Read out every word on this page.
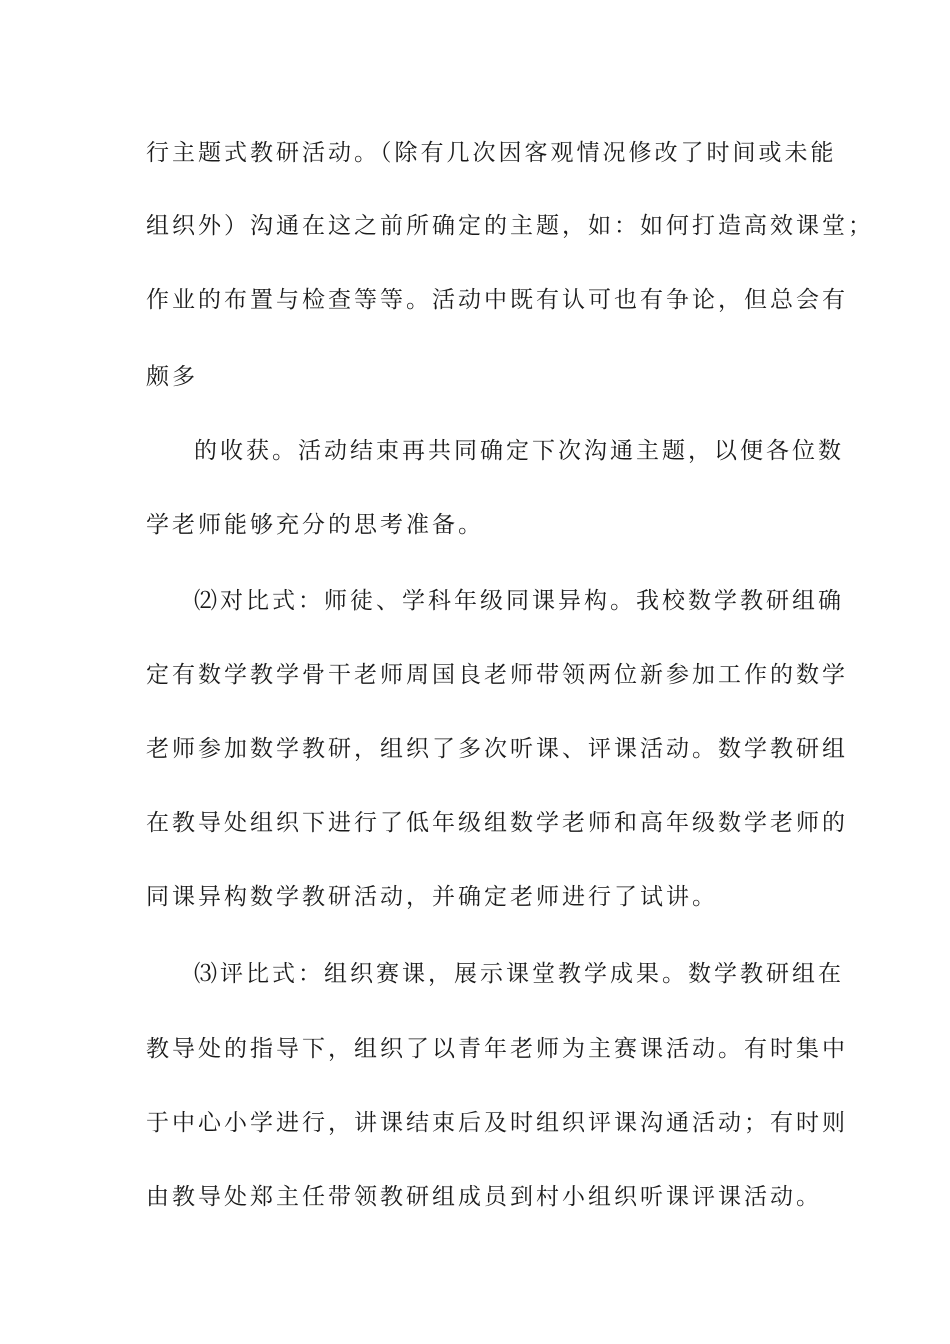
行主题式教研活动。（除有几次因客观情况修改了时间或未能
组织外）沟通在这之前所确定的主题，如：如何打造高效课堂；
作业的布置与检查等等。活动中既有认可也有争论，但总会有
颇多
的收获。活动结束再共同确定下次沟通主题，以便各位数
学老师能够充分的思考准备。
⑵对比式：师徒、学科年级同课异构。我校数学教研组确
定有数学教学骨干老师周国良老师带领两位新参加工作的数学
老师参加数学教研，组织了多次听课、评课活动。数学教研组
在教导处组织下进行了低年级组数学老师和高年级数学老师的
同课异构数学教研活动，并确定老师进行了试讲。
⑶评比式：组织赛课，展示课堂教学成果。数学教研组在
教导处的指导下，组织了以青年老师为主赛课活动。有时集中
于中心小学进行，讲课结束后及时组织评课沟通活动；有时则
由教导处郑主任带领教研组成员到村小组织听课评课活动。
